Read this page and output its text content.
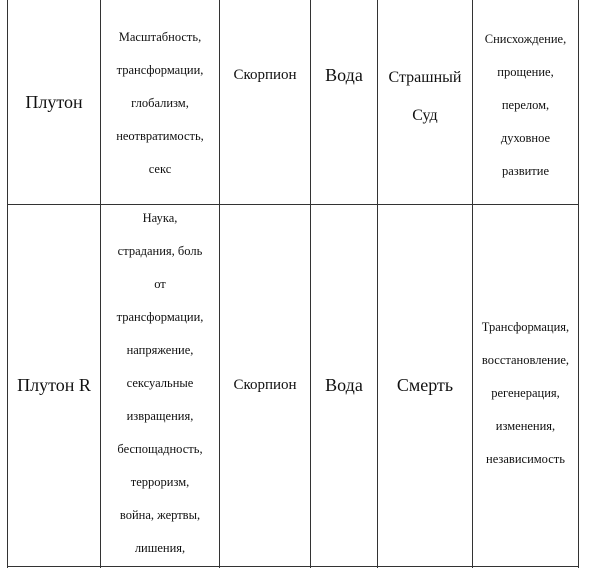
Плутон
Масштабность,
трансформации,
глобализм,
неотвратимость,
секс
Скорпион Вода Страшный
Суд
Снисхождение,
прощение,
перелом,
духовное
развитие
Плутон R
Наука,
страдания, боль
от
трансформации,
напряжение,
сексуальные
извращения,
беспощадность,
терроризм,
война, жертвы,
лишения,
Скорпион Вода Смерть
Трансформация,
восстановление,
регенерация,
изменения,
независимость
